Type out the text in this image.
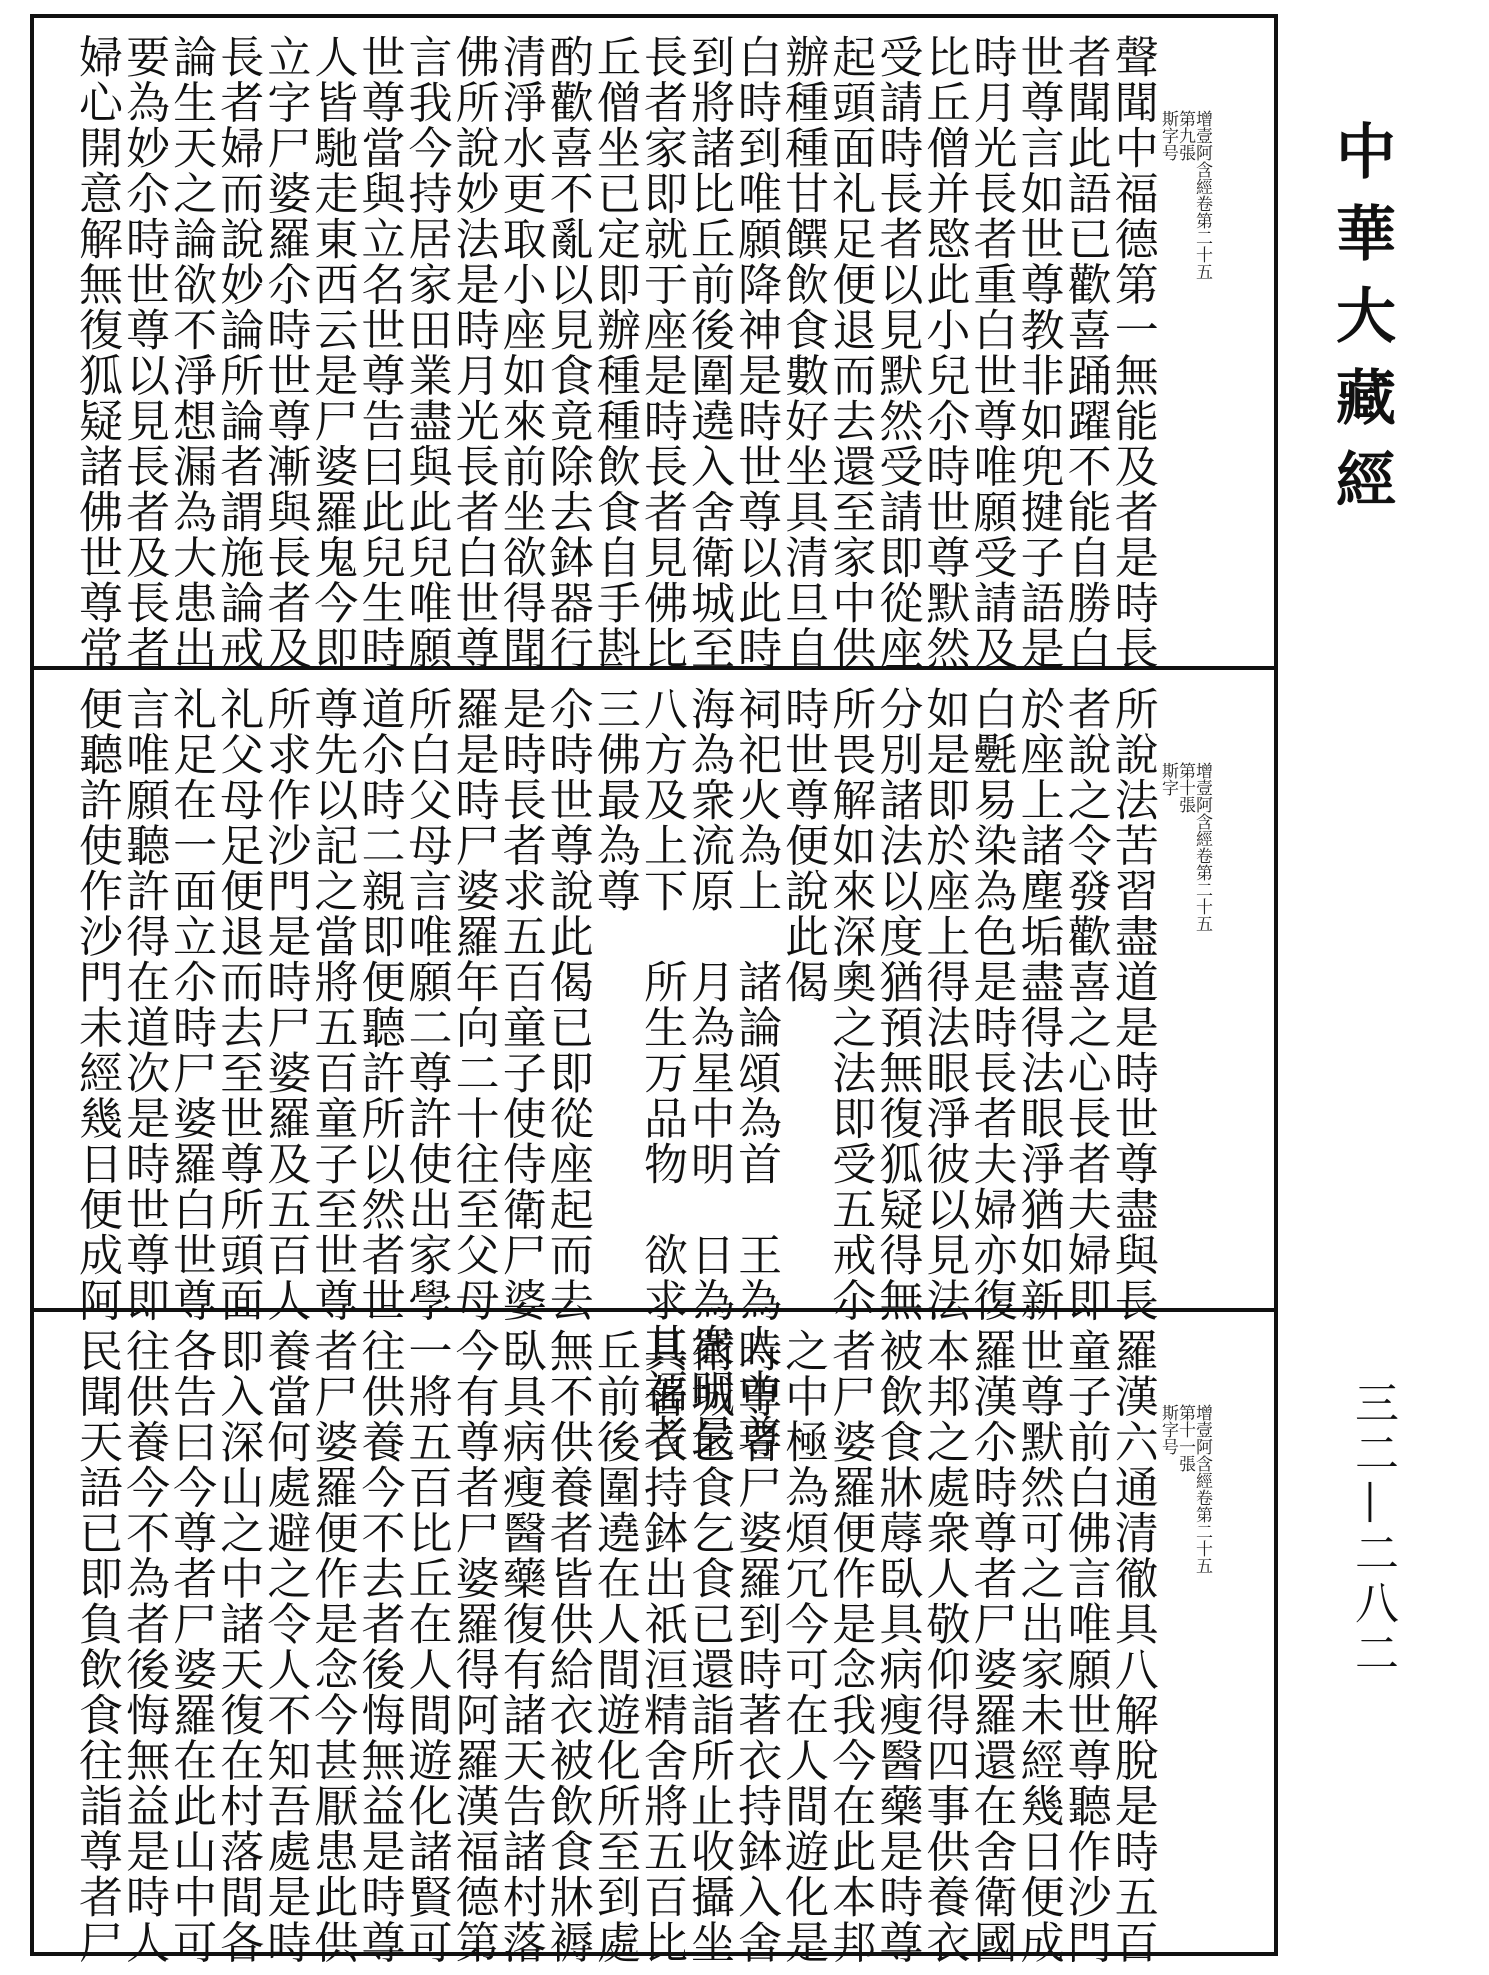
增壹阿含經卷第二十五
第九張
斯字号
聲聞中福德第一無能及者是時長
者聞此語已歡喜踊躍不能自勝白
世尊言如世尊教非如兜揵子語是
時月光長者重白世尊唯願受請及
比丘僧并愍此小兒尒時世尊默然
受請時長者以見默然受請即從座
起頭面礼足便退而去還至家中供
辦種種甘饌飲食數好坐具清旦自
白時到唯願降神是時世尊以此時
到將諸比丘前後圍遶入舍衛城至
長者家即就于座是時長者見佛比
丘僧坐已定即辦種種飲食自手斟
酌歡喜不亂以見食竟除去鉢器行
清淨水更取小座如來前坐欲得聞
佛所說妙法是時月光長者白世尊
言我今持居家田業盡與此兒唯願
世尊當與立名世尊告曰此兒生時
人皆馳走東西云是尸婆羅鬼今即
立字尸婆羅尒時世尊漸與長者及
長者婦而說妙論所論者謂施論戒
論生天之論欲不淨想漏為大患出
要為妙尒時世尊以見長者及長者
婦心開意解無復狐疑諸佛世尊常
增壹阿含經卷第二十五
第十張
斯字
所說法苦習盡道是時世尊盡與長
者說之令發歡喜之心長者夫婦即
於座上諸塵垢盡得法眼淨猶如新
白氎易染為色是時長者夫婦亦復
如是即於座上得法眼淨彼以見法
分別諸法以度猶預無復狐疑得無
所畏解如來深奧之法即受五戒尒
時世尊便說此偈
祠祀火為上　諸論頌為首　王為人中尊
海為衆流原　月為星中明　日為衆明最
八方及上下　所生万品物　欲求其福者
三佛最為尊
尒時世尊說此偈已即從座起而去
是時長者求五百童子使侍衛尸婆
羅是時尸婆羅年向二十往至父母
所白父母言唯願二尊許使出家學
道尒時二親即便聽許所以然者世
尊先以記之當將五百童子至世尊
所求作沙門是時尸婆羅及五百人
礼父母足便退而去至世尊所頭面
礼足在一面立尒時尸婆羅白世尊
言唯願聽許得在道次是時世尊即
便聽許使作沙門未經幾日便成阿
增壹阿含經卷第二十五
第十一張
斯字号
羅漢六通清徹具八解脫是時五百
童子前白佛言唯願世尊聽作沙門
世尊默然可之出家未經幾日便成
羅漢尒時尊者尸婆羅還在舍衛國
本邦之處衆人敬仰得四事供養衣
被飲食牀蓐臥具病瘦醫藥是時尊
者尸婆羅便作是念我今在此本邦
之中極為煩冗今可在人間遊化是
時尊者尸婆羅到時著衣持鉢入舍
衛城乞食乞食已還詣所止收攝坐
具著衣持鉢出祇洹精舍將五百比
丘前後圍遶在人間遊化所至到處
無不供養者皆供給衣被飲食牀褥
臥具病瘦醫藥復有諸天告諸村落
今有尊者尸婆羅得阿羅漢福德第
一將五百比丘在人間遊化諸賢可
往供養今不去者後悔無益是時尊
者尸婆羅便作是念今甚厭患此供
養當何處避之令人不知吾處是時
即入深山之中諸天復在村落間各
各告曰今尊者尸婆羅在此山中可
往供養今不為者後悔無益是時人
民聞天語已即負飲食往詣尊者尸
中華大藏經
三二—二八二
